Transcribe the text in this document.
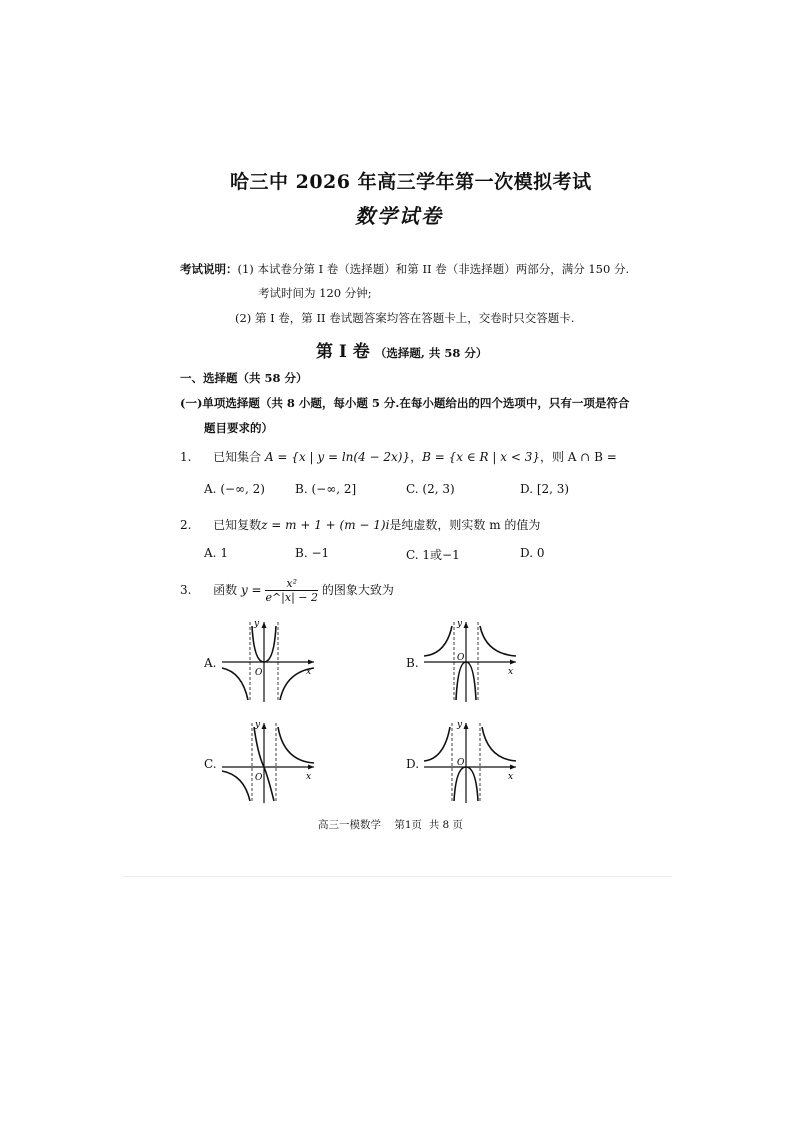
哈三中 2026 年高三学年第一次模拟考试
数学试卷
考试说明：(1) 本试卷分第 I 卷（选择题）和第 II 卷（非选择题）两部分，满分 150 分.
考试时间为 120 分钟;
(2) 第 I 卷，第 II 卷试题答案均答在答题卡上，交卷时只交答题卡.
第 I 卷 （选择题, 共 58 分）
一、选择题（共 58 分）
(一)单项选择题（共 8 小题，每小题 5 分.在每小题给出的四个选项中，只有一项是符合
题目要求的）
1. 已知集合 A = {x | y = ln(4 − 2x)}，B = {x ∈ R | x < 3}，则 A ∩ B =
A. (−∞, 2)	B. (−∞, 2]	C. (2, 3)	D. [2, 3)
2. 已知复数z = m + 1 + (m − 1)i是纯虚数，则实数 m 的值为
A. 1	B. −1	C. 1或−1	D. 0
3. 函数 $y = \frac{\text{x²}}{e\^{}|x| - 2}$ 的图象大致为
A.	B.
C.	D.
y
x
O
y
x
O
y
x
O
y
x
O
高三一模数学    第1页  共 8 页
